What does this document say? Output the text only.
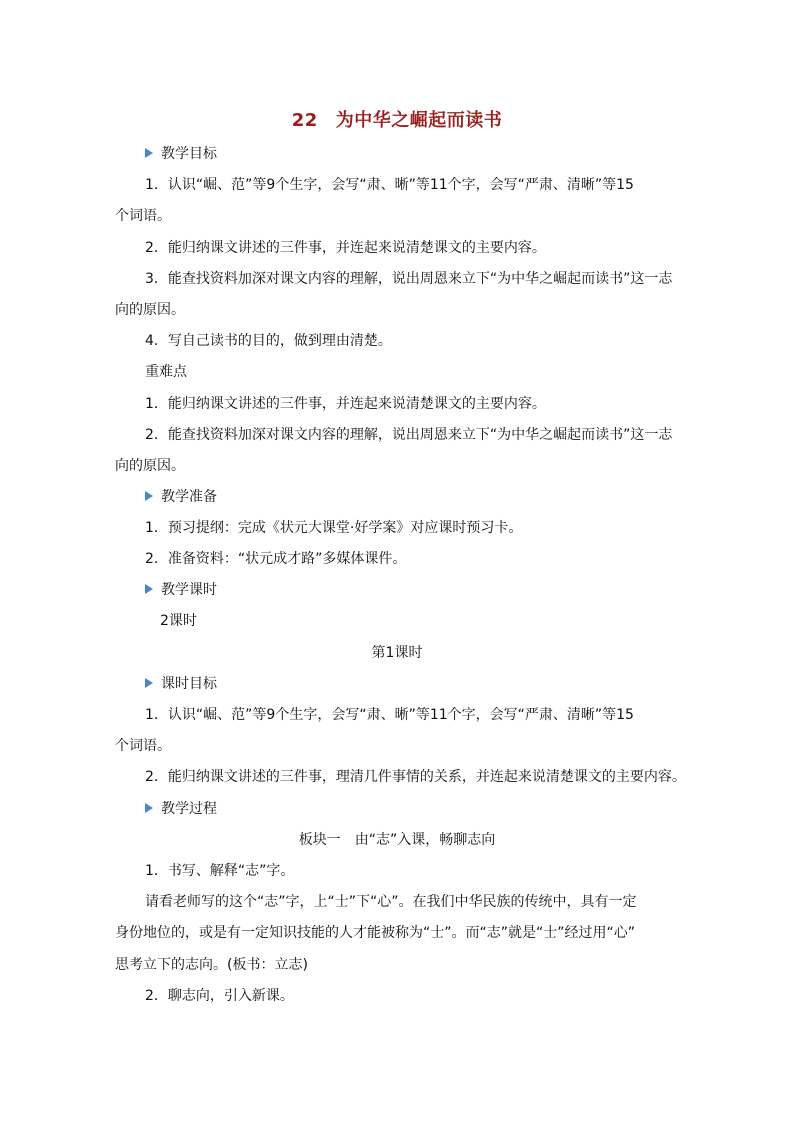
22 为中华之崛起而读书
教学目标
1．认识“崛、范”等9个生字，会写“肃、晰”等11个字，会写“严肃、清晰”等15
个词语。
2．能归纳课文讲述的三件事，并连起来说清楚课文的主要内容。
3．能查找资料加深对课文内容的理解，说出周恩来立下“为中华之崛起而读书”这一志
向的原因。
4．写自己读书的目的，做到理由清楚。
重难点
1．能归纳课文讲述的三件事，并连起来说清楚课文的主要内容。
2．能查找资料加深对课文内容的理解，说出周恩来立下“为中华之崛起而读书”这一志
向的原因。
教学准备
1．预习提纲：完成《状元大课堂·好学案》对应课时预习卡。
2．准备资料：“状元成才路”多媒体课件。
教学课时
2课时
第1课时
课时目标
1．认识“崛、范”等9个生字，会写“肃、晰”等11个字，会写“严肃、清晰”等15
个词语。
2．能归纳课文讲述的三件事，理清几件事情的关系，并连起来说清楚课文的主要内容。
教学过程
板块一　由“志”入课，畅聊志向
1．书写、解释“志”字。
请看老师写的这个“志”字，上“士”下“心”。在我们中华民族的传统中，具有一定
身份地位的，或是有一定知识技能的人才能被称为“士”。而“志”就是“士”经过用“心”
思考立下的志向。(板书：立志)
2．聊志向，引入新课。
